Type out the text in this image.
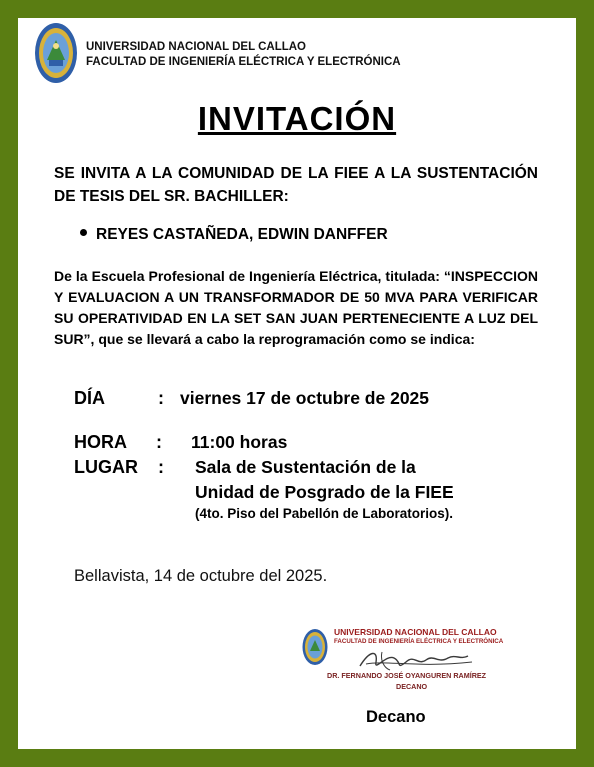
UNIVERSIDAD NACIONAL DEL CALLAO
FACULTAD DE INGENIERÍA ELÉCTRICA Y ELECTRÓNICA
INVITACIÓN
SE INVITA A LA COMUNIDAD DE LA FIEE A LA SUSTENTACIÓN DE TESIS DEL SR. BACHILLER:
REYES CASTAÑEDA, EDWIN DANFFER
De la Escuela Profesional de Ingeniería Eléctrica, titulada: “INSPECCION Y EVALUACION A UN TRANSFORMADOR DE 50 MVA PARA VERIFICAR SU OPERATIVIDAD EN LA SET SAN JUAN PERTENECIENTE A LUZ DEL SUR”, que se llevará a cabo la reprogramación como se indica:
DÍA	: viernes 17 de octubre de 2025
HORA : 11:00 horas
LUGAR : Sala de Sustentación de la
Unidad de Posgrado de la FIEE
(4to. Piso del Pabellón de Laboratorios).
Bellavista, 14 de octubre del 2025.
UNIVERSIDAD NACIONAL DEL CALLAO
FACULTAD DE INGENIERÍA ELÉCTRICA Y ELECTRÓNICA
DR. FERNANDO JOSÉ OYANGUREN RAMÍREZ
DECANO
Decano
